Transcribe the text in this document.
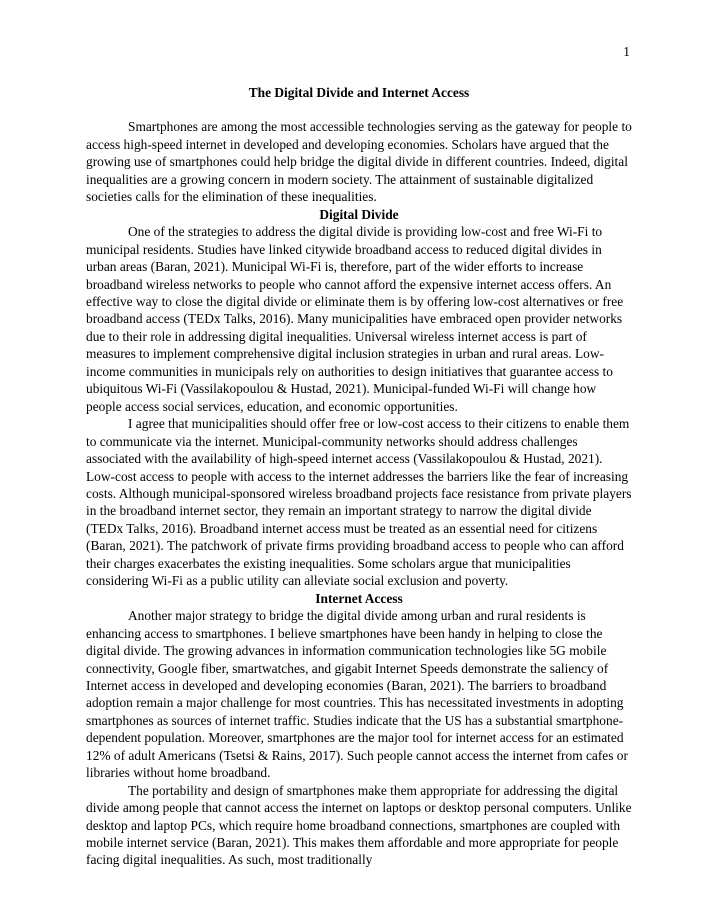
1
The Digital Divide and Internet Access

Smartphones are among the most accessible technologies serving as the gateway for people to access high-speed internet in developed and developing economies. Scholars have argued that the growing use of smartphones could help bridge the digital divide in different countries. Indeed, digital inequalities are a growing concern in modern society. The attainment of sustainable digitalized societies calls for the elimination of these inequalities.

Digital Divide

One of the strategies to address the digital divide is providing low-cost and free Wi-Fi to municipal residents. Studies have linked citywide broadband access to reduced digital divides in urban areas (Baran, 2021). Municipal Wi-Fi is, therefore, part of the wider efforts to increase broadband wireless networks to people who cannot afford the expensive internet access offers. An effective way to close the digital divide or eliminate them is by offering low-cost alternatives or free broadband access (TEDx Talks, 2016). Many municipalities have embraced open provider networks due to their role in addressing digital inequalities. Universal wireless internet access is part of measures to implement comprehensive digital inclusion strategies in urban and rural areas. Low-income communities in municipals rely on authorities to design initiatives that guarantee access to ubiquitous Wi-Fi (Vassilakopoulou & Hustad, 2021). Municipal-funded Wi-Fi will change how people access social services, education, and economic opportunities.

I agree that municipalities should offer free or low-cost access to their citizens to enable them to communicate via the internet. Municipal-community networks should address challenges associated with the availability of high-speed internet access (Vassilakopoulou & Hustad, 2021). Low-cost access to people with access to the internet addresses the barriers like the fear of increasing costs. Although municipal-sponsored wireless broadband projects face resistance from private players in the broadband internet sector, they remain an important strategy to narrow the digital divide (TEDx Talks, 2016). Broadband internet access must be treated as an essential need for citizens (Baran, 2021). The patchwork of private firms providing broadband access to people who can afford their charges exacerbates the existing inequalities. Some scholars argue that municipalities considering Wi-Fi as a public utility can alleviate social exclusion and poverty.

Internet Access

Another major strategy to bridge the digital divide among urban and rural residents is enhancing access to smartphones. I believe smartphones have been handy in helping to close the digital divide. The growing advances in information communication technologies like 5G mobile connectivity, Google fiber, smartwatches, and gigabit Internet Speeds demonstrate the saliency of Internet access in developed and developing economies (Baran, 2021). The barriers to broadband adoption remain a major challenge for most countries. This has necessitated investments in adopting smartphones as sources of internet traffic. Studies indicate that the US has a substantial smartphone-dependent population. Moreover, smartphones are the major tool for internet access for an estimated 12% of adult Americans (Tsetsi & Rains, 2017). Such people cannot access the internet from cafes or libraries without home broadband.

The portability and design of smartphones make them appropriate for addressing the digital divide among people that cannot access the internet on laptops or desktop personal computers. Unlike desktop and laptop PCs, which require home broadband connections, smartphones are coupled with mobile internet service (Baran, 2021). This makes them affordable and more appropriate for people facing digital inequalities. As such, most traditionally
